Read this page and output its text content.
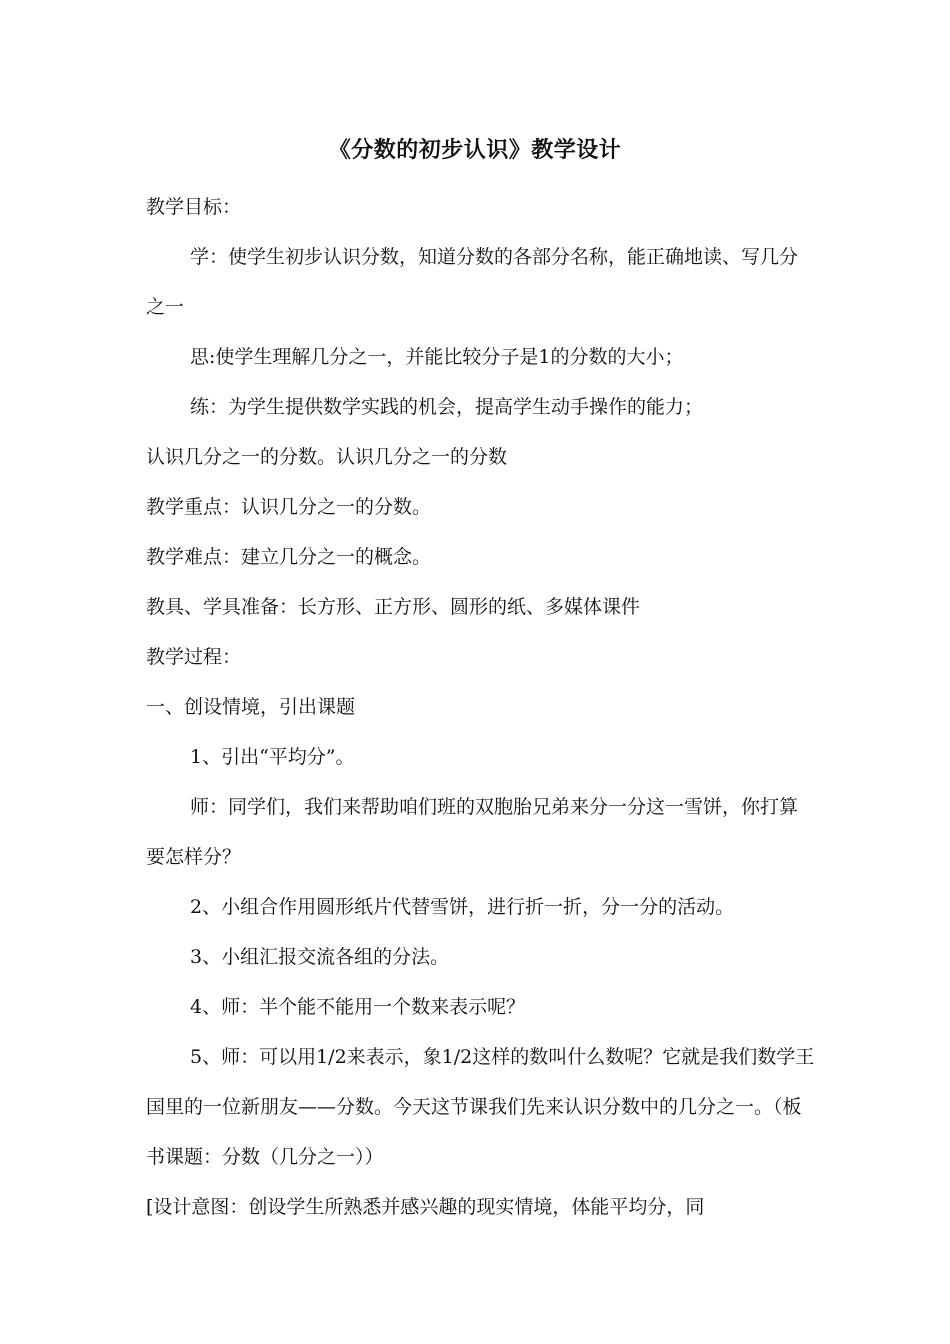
《分数的初步认识》教学设计

教学目标：

学：使学生初步认识分数，知道分数的各部分名称，能正确地读、写几分之一

思:使学生理解几分之一，并能比较分子是1的分数的大小；

练：为学生提供数学实践的机会，提高学生动手操作的能力；

认识几分之一的分数。认识几分之一的分数

教学重点：认识几分之一的分数。

教学难点：建立几分之一的概念。

教具、学具准备：长方形、正方形、圆形的纸、多媒体课件

教学过程：

一、创设情境，引出课题

1、引出“平均分”。

师：同学们，我们来帮助咱们班的双胞胎兄弟来分一分这一雪饼，你打算要怎样分？

2、小组合作用圆形纸片代替雪饼，进行折一折，分一分的活动。

3、小组汇报交流各组的分法。

4、师：半个能不能用一个数来表示呢？

5、师：可以用1/2来表示，象1/2这样的数叫什么数呢？它就是我们数学王国里的一位新朋友——分数。今天这节课我们先来认识分数中的几分之一。（板书课题：分数（几分之一））

[设计意图：创设学生所熟悉并感兴趣的现实情境，体能平均分，同
